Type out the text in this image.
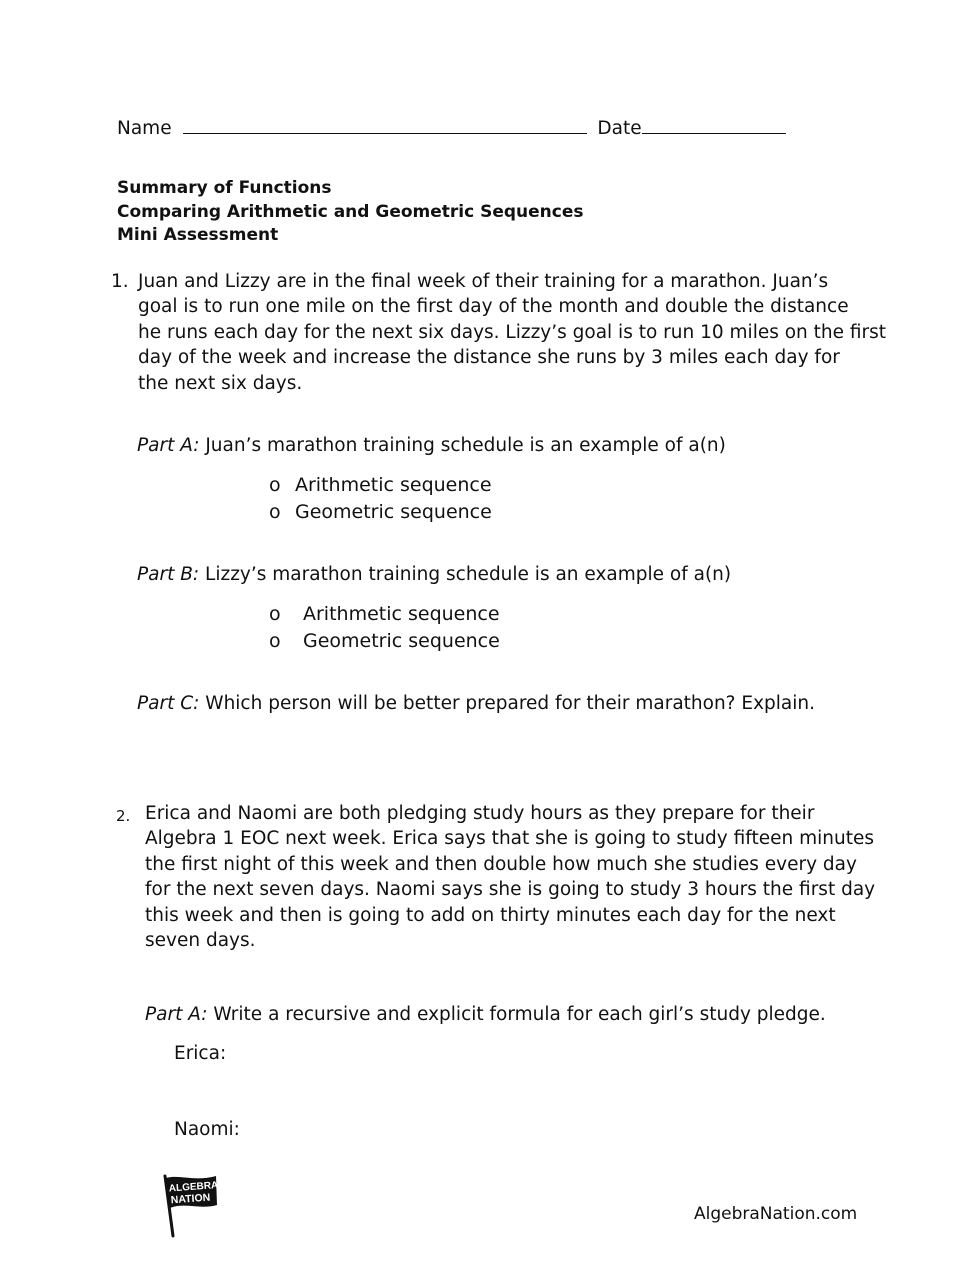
Name	Date
Summary of Functions
Comparing Arithmetic and Geometric Sequences
Mini Assessment
1. Juan and Lizzy are in the final week of their training for a marathon. Juan’s
goal is to run one mile on the first day of the month and double the distance
he runs each day for the next six days. Lizzy’s goal is to run 10 miles on the first
day of the week and increase the distance she runs by 3 miles each day for
the next six days.
Part A: Juan’s marathon training schedule is an example of a(n)
o Arithmetic sequence
o Geometric sequence
Part B: Lizzy’s marathon training schedule is an example of a(n)
o Arithmetic sequence
o Geometric sequence
Part C: Which person will be better prepared for their marathon? Explain.
2. Erica and Naomi are both pledging study hours as they prepare for their
Algebra 1 EOC next week. Erica says that she is going to study fifteen minutes
the first night of this week and then double how much she studies every day
for the next seven days. Naomi says she is going to study 3 hours the first day
this week and then is going to add on thirty minutes each day for the next
seven days.
Part A: Write a recursive and explicit formula for each girl’s study pledge.
Erica:
Naomi:
ALGEBRA
NATION
AlgebraNation.com
